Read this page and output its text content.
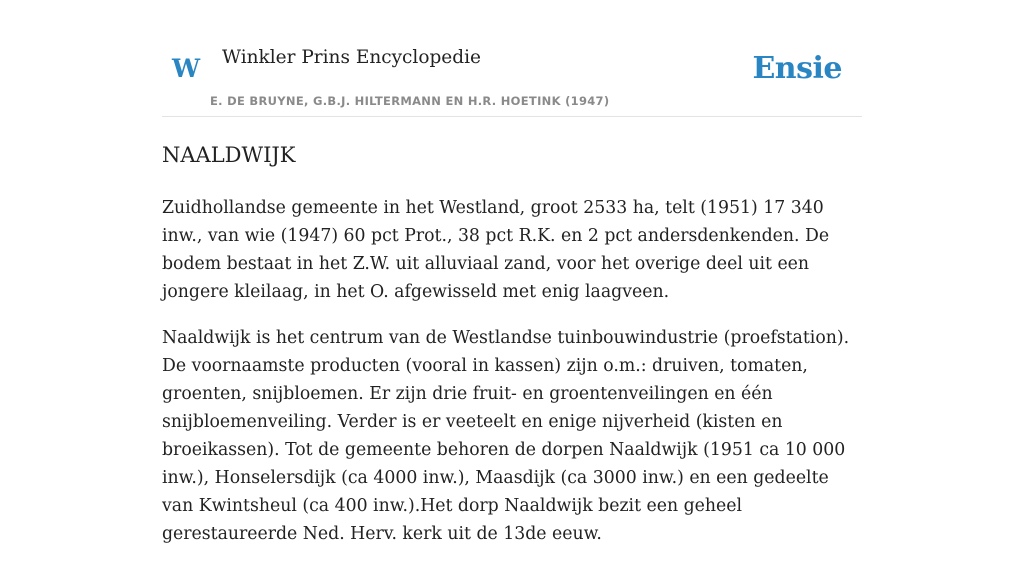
W Winkler Prins Encyclopedie
E. DE BRUYNE, G.B.J. HILTERMANN EN H.R. HOETINK (1947)
Ensie
NAALDWIJK

Zuidhollandse gemeente in het Westland, groot 2533 ha, telt (1951) 17 340 inw., van wie (1947) 60 pct Prot., 38 pct R.K. en 2 pct andersdenkenden. De bodem bestaat in het Z.W. uit alluviaal zand, voor het overige deel uit een jongere kleilaag, in het O. afgewisseld met enig laagveen.

Naaldwijk is het centrum van de Westlandse tuinbouwindustrie (proefstation). De voornaamste producten (vooral in kassen) zijn o.m.: druiven, tomaten, groenten, snijbloemen. Er zijn drie fruit- en groentenveilingen en één snijbloemenveiling. Verder is er veeteelt en enige nijverheid (kisten en broeikassen). Tot de gemeente behoren de dorpen Naaldwijk (1951 ca 10 000 inw.), Honselersdijk (ca 4000 inw.), Maasdijk (ca 3000 inw.) en een gedeelte van Kwintsheul (ca 400 inw.).Het dorp Naaldwijk bezit een geheel gerestaureerde Ned. Herv. kerk uit de 13de eeuw.
